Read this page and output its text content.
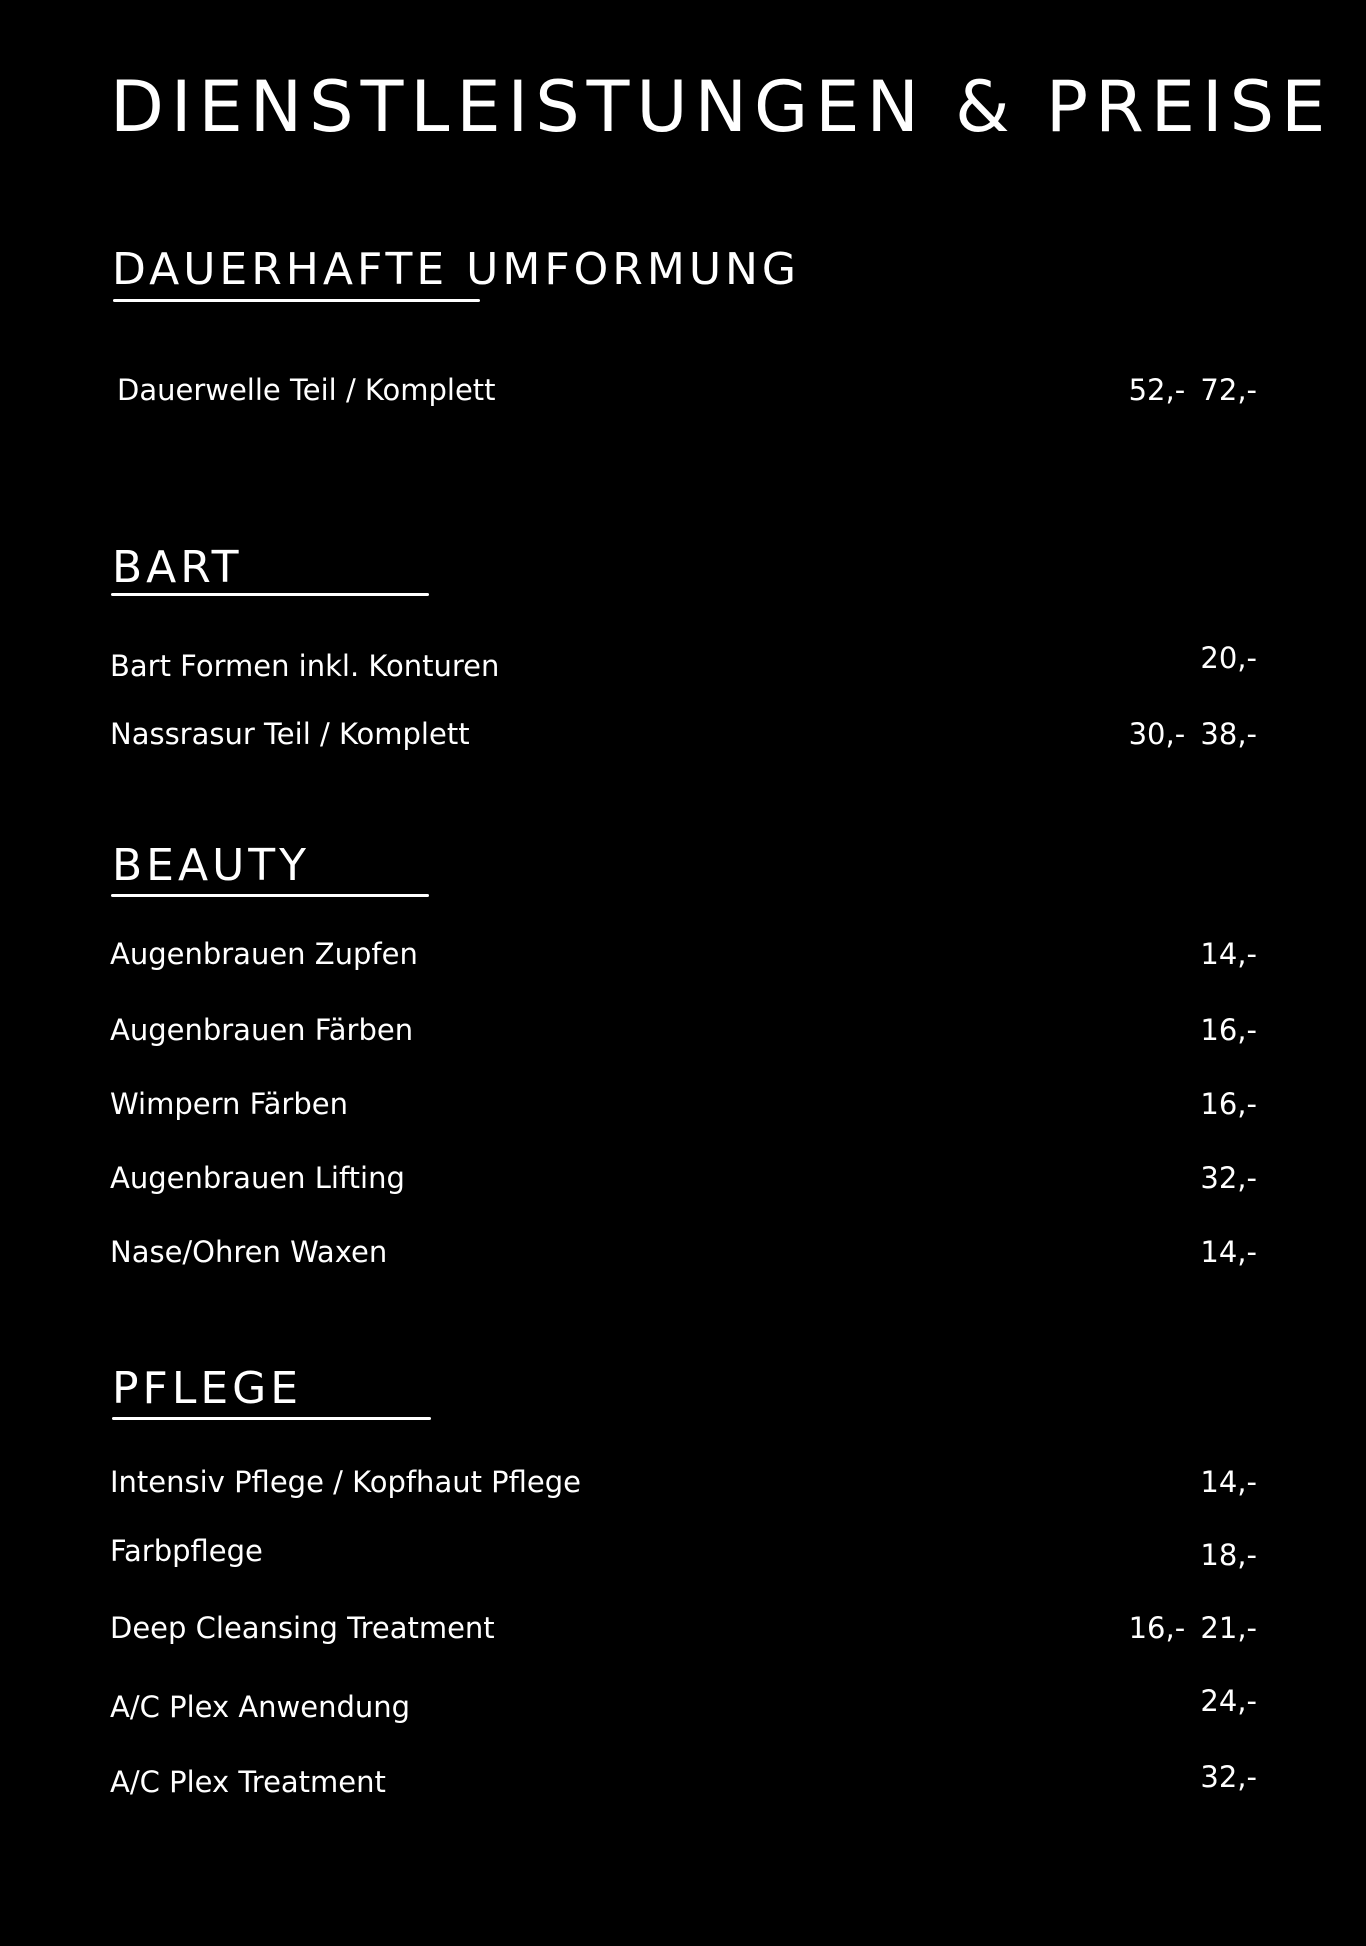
DIENSTLEISTUNGEN & PREISE
DAUERHAFTE UMFORMUNG
Dauerwelle Teil / Komplett	52,- 72,-
BART
Bart Formen inkl. Konturen	20,-
Nassrasur Teil / Komplett	30,- 38,-
BEAUTY
Augenbrauen Zupfen	14,-
Augenbrauen Färben	16,-
Wimpern Färben	16,-
Augenbrauen Lifting	32,-
Nase/Ohren Waxen	14,-
PFLEGE
Intensiv Pflege / Kopfhaut Pflege	14,-
Farbpflege	18,-
Deep Cleansing Treatment	16,- 21,-
A/C Plex Anwendung	24,-
A/C Plex Treatment	32,-
